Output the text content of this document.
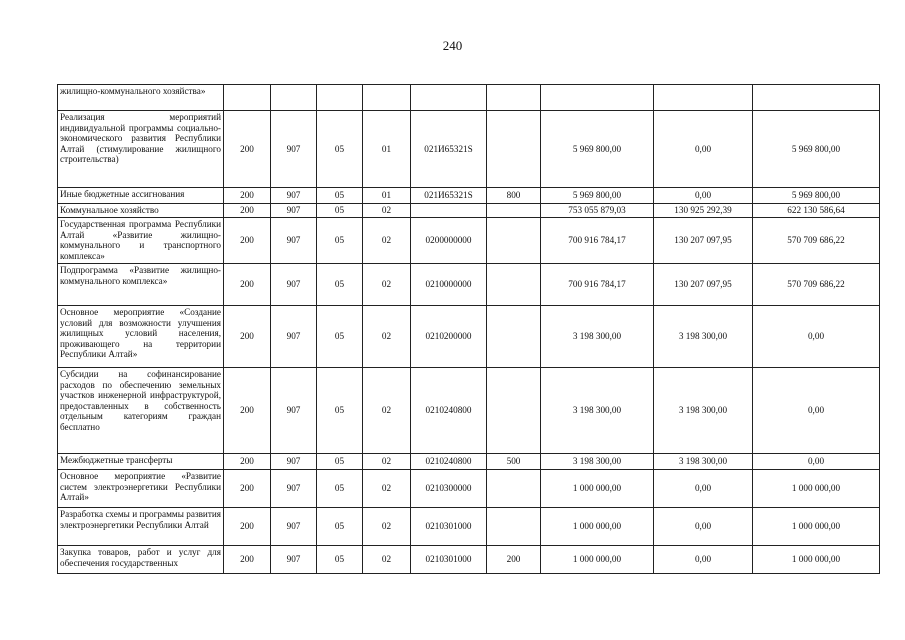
240
жилищно-коммунального хозяйства»									
Реализация мероприятий индивидуальной программы социально-экономического развития Республики Алтай (стимулирование жилищного строительства)	200	907	05	01	021И65321S		5 969 800,00	0,00	5 969 800,00
Иные бюджетные ассигнования	200	907	05	01	021И65321S	800	5 969 800,00	0,00	5 969 800,00
Коммунальное хозяйство	200	907	05	02			753 055 879,03	130 925 292,39	622 130 586,64
Государственная программа Республики Алтай «Развитие жилищно-коммунального и транспортного комплекса»	200	907	05	02	0200000000		700 916 784,17	130 207 097,95	570 709 686,22
Подпрограмма «Развитие жилищно-коммунального комплекса»	200	907	05	02	0210000000		700 916 784,17	130 207 097,95	570 709 686,22
Основное мероприятие «Создание условий для возможности улучшения жилищных условий населения, проживающего на территории Республики Алтай»	200	907	05	02	0210200000		3 198 300,00	3 198 300,00	0,00
Субсидии на софинансирование расходов по обеспечению земельных участков инженерной инфраструктурой, предоставленных в собственность отдельным категориям граждан бесплатно	200	907	05	02	0210240800		3 198 300,00	3 198 300,00	0,00
Межбюджетные трансферты	200	907	05	02	0210240800	500	3 198 300,00	3 198 300,00	0,00
Основное мероприятие «Развитие систем электроэнергетики Республики Алтай»	200	907	05	02	0210300000		1 000 000,00	0,00	1 000 000,00
Разработка схемы и программы развития электроэнергетики Республики Алтай	200	907	05	02	0210301000		1 000 000,00	0,00	1 000 000,00
Закупка товаров, работ и услуг для обеспечения государственных	200	907	05	02	0210301000	200	1 000 000,00	0,00	1 000 000,00
